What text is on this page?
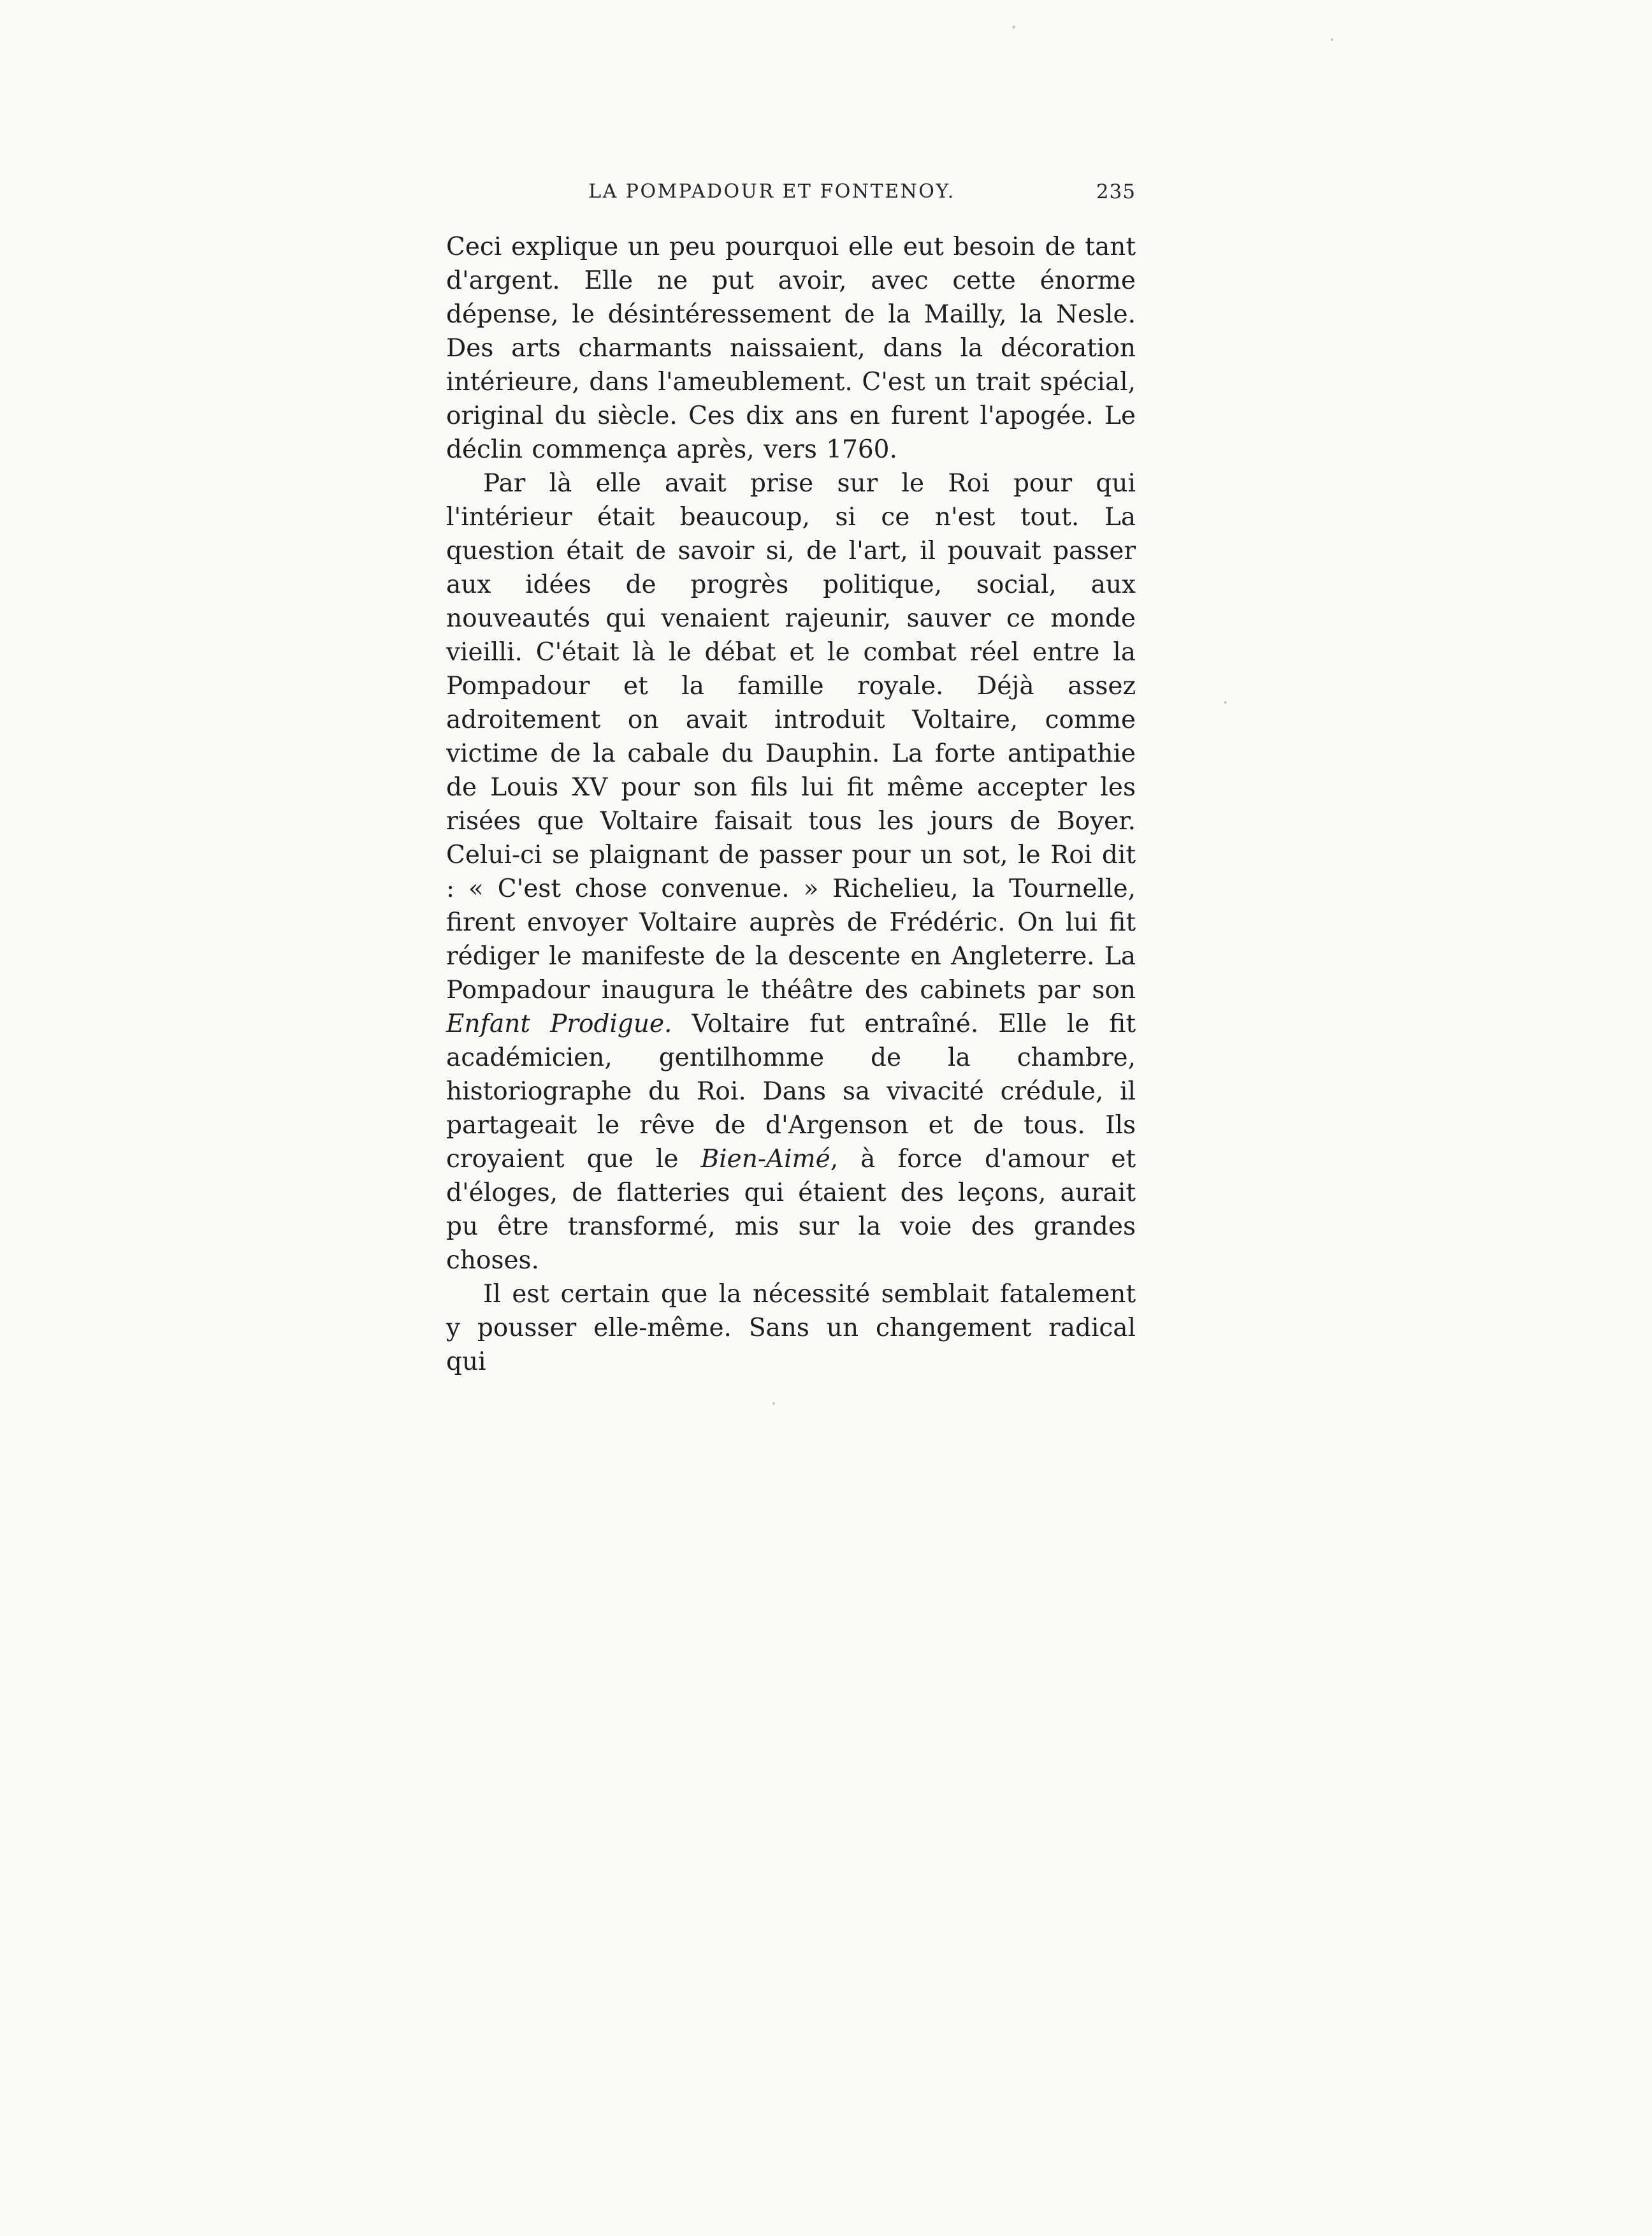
LA POMPADOUR ET FONTENOY.	235

Ceci explique un peu pourquoi elle eut besoin de tant d'argent. Elle ne put avoir, avec cette énorme dépense, le désintéressement de la Mailly, la Nesle. Des arts charmants naissaient, dans la décoration intérieure, dans l'ameublement. C'est un trait spécial, original du siècle. Ces dix ans en furent l'apogée. Le déclin commença après, vers 1760.

Par là elle avait prise sur le Roi pour qui l'intérieur était beaucoup, si ce n'est tout. La question était de savoir si, de l'art, il pouvait passer aux idées de progrès politique, social, aux nouveautés qui venaient rajeunir, sauver ce monde vieilli. C'était là le débat et le combat réel entre la Pompadour et la famille royale. Déjà assez adroitement on avait introduit Voltaire, comme victime de la cabale du Dauphin. La forte antipathie de Louis XV pour son fils lui fit même accepter les risées que Voltaire faisait tous les jours de Boyer. Celui-ci se plaignant de passer pour un sot, le Roi dit : « C'est chose convenue. » Richelieu, la Tournelle, firent envoyer Voltaire auprès de Frédéric. On lui fit rédiger le manifeste de la descente en Angleterre. La Pompadour inaugura le théâtre des cabinets par son Enfant Prodigue. Voltaire fut entraîné. Elle le fit académicien, gentilhomme de la chambre, historiographe du Roi. Dans sa vivacité crédule, il partageait le rêve de d'Argenson et de tous. Ils croyaient que le Bien-Aimé, à force d'amour et d'éloges, de flatteries qui étaient des leçons, aurait pu être transformé, mis sur la voie des grandes choses.

Il est certain que la nécessité semblait fatalement y pousser elle-même. Sans un changement radical qui
